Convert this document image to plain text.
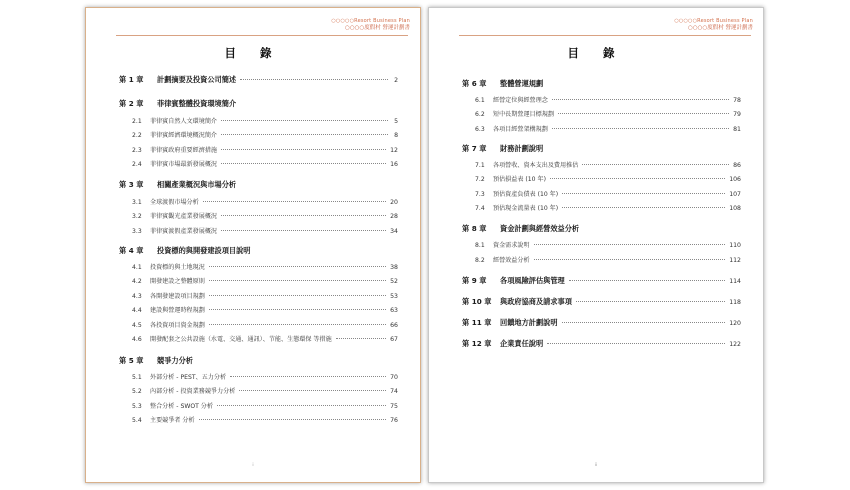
○○○○○Resort Business Plan
○○○○度假村 營運計劃書
目 錄
第 1 章	計劃摘要及投資公司簡述	2
第 2 章	菲律賓整體投資環境簡介
2.1	菲律賓自然人文環境簡介	5
2.2	菲律賓經濟環境概況簡介	8
2.3	菲律賓政府重要經濟措施	12
2.4	菲律賓市場最新發展概況	16
第 3 章	相關產業概況與市場分析
3.1	全球渡假市場分析	20
3.2	菲律賓觀光產業發展概況	28
3.3	菲律賓渡假產業發展概況	34
第 4 章	投資標的與開發建設項目說明
4.1	投資標的與土地現況	38
4.2	開發建設之整體原則	52
4.3	各開發建設項目規劃	53
4.4	建設與營運時程規劃	63
4.5	各投資項目資金規劃	66
4.6	開發配套之公共設施（水電、交通、通訊）、节能、生態環保 等措施	67
第 5 章	競爭力分析
5.1	外部分析 - PEST、五力分析	70
5.2	內部分析 - 投資業務競爭力分析	74
5.3	整合分析 - SWOT 分析	75
5.4	主要競爭者 分析	76
i
○○○○○Resort Business Plan
○○○○度假村 營運計劃書
目 錄
第 6 章	整體營運規劃
6.1	經營定位與經營理念	78
6.2	短中長期營運目標規劃	79
6.3	各項目經營架構規劃	81
第 7 章	財務計劃說明
7.1	各項營收、資本支出及費用推估	86
7.2	預估損益表 (10 年)	106
7.3	預估資產負債表 (10 年)	107
7.4	預估現金流量表 (10 年)	108
第 8 章	資金計劃與經營效益分析
8.1	資金需求說明	110
8.2	經營效益分析	112
第 9 章	各項風險評估與管理	114
第 10 章	與政府協商及請求事項	118
第 11 章	回饋地方計劃說明	120
第 12 章	企業責任說明	122
ii
